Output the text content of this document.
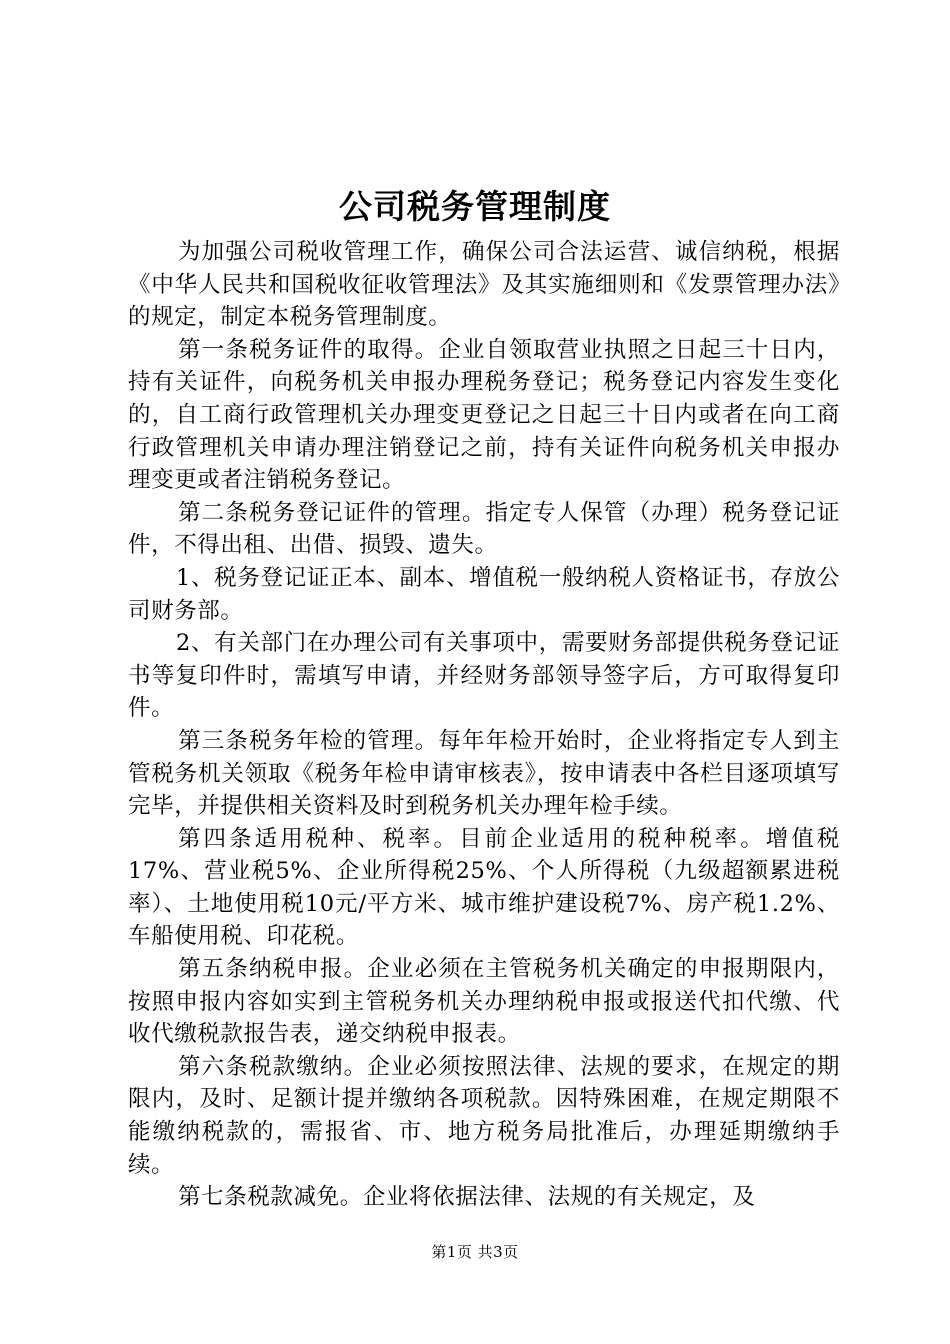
公司税务管理制度

为加强公司税收管理工作，确保公司合法运营、诚信纳税，根据《中华人民共和国税收征收管理法》及其实施细则和《发票管理办法》的规定，制定本税务管理制度。

第一条税务证件的取得。企业自领取营业执照之日起三十日内，持有关证件，向税务机关申报办理税务登记；税务登记内容发生变化的，自工商行政管理机关办理变更登记之日起三十日内或者在向工商行政管理机关申请办理注销登记之前，持有关证件向税务机关申报办理变更或者注销税务登记。

第二条税务登记证件的管理。指定专人保管（办理）税务登记证件，不得出租、出借、损毁、遗失。

1、税务登记证正本、副本、增值税一般纳税人资格证书，存放公司财务部。

2、有关部门在办理公司有关事项中，需要财务部提供税务登记证书等复印件时，需填写申请，并经财务部领导签字后，方可取得复印件。

第三条税务年检的管理。每年年检开始时，企业将指定专人到主管税务机关领取《税务年检申请审核表》，按申请表中各栏目逐项填写完毕，并提供相关资料及时到税务机关办理年检手续。

第四条适用税种、税率。目前企业适用的税种税率。增值税17%、营业税5%、企业所得税25%、个人所得税（九级超额累进税率）、土地使用税10元/平方米、城市维护建设税7%、房产税1.2%、车船使用税、印花税。

第五条纳税申报。企业必须在主管税务机关确定的申报期限内，按照申报内容如实到主管税务机关办理纳税申报或报送代扣代缴、代收代缴税款报告表，递交纳税申报表。

第六条税款缴纳。企业必须按照法律、法规的要求，在规定的期限内，及时、足额计提并缴纳各项税款。因特殊困难，在规定期限不能缴纳税款的，需报省、市、地方税务局批准后，办理延期缴纳手续。

第七条税款减免。企业将依据法律、法规的有关规定，及

第1页 共3页
